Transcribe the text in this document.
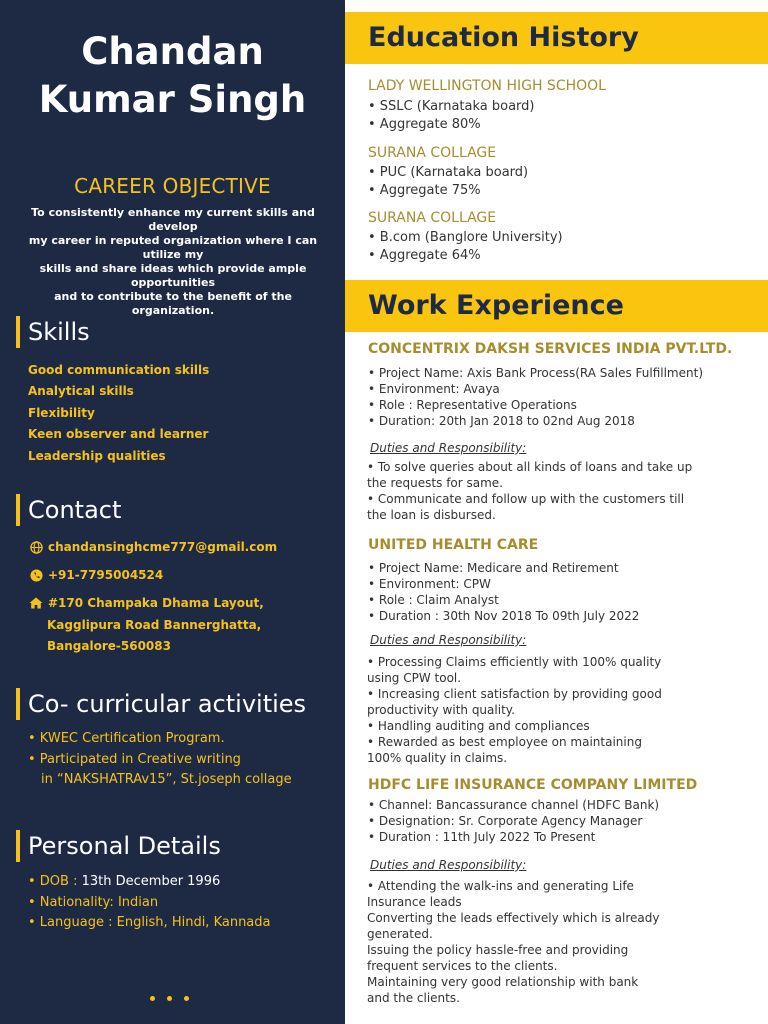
Chandan
Kumar Singh
CAREER OBJECTIVE
To consistently enhance my current skills and develop
my career in reputed organization where I can utilize my
skills and share ideas which provide ample opportunities
and to contribute to the benefit of the organization.
Skills
Good communication skills
Analytical skills
Flexibility
Keen observer and learner
Leadership qualities
Contact
chandansinghcme777@gmail.com
+91-7795004524
#170 Champaka Dhama Layout,
Kagglipura Road Bannerghatta,
Bangalore-560083
Co- curricular activities
• KWEC Certification Program.
• Participated in Creative writing
in “NAKSHATRAv15”, St.joseph collage
Personal Details
• DOB : 13th December 1996
• Nationality: Indian
• Language : English, Hindi, Kannada
Education History
LADY WELLINGTON HIGH SCHOOL
• SSLC (Karnataka board)
• Aggregate 80%
SURANA COLLAGE
• PUC (Karnataka board)
• Aggregate 75%
SURANA COLLAGE
• B.com (Banglore University)
• Aggregate 64%
Work Experience
CONCENTRIX DAKSH SERVICES INDIA PVT.LTD.
• Project Name: Axis Bank Process(RA Sales Fulfillment)
• Environment: Avaya
• Role : Representative Operations
• Duration: 20th Jan 2018 to 02nd Aug 2018
Duties and Responsibility:
• To solve queries about all kinds of loans and take up
the requests for same.
• Communicate and follow up with the customers till
the loan is disbursed.
UNITED HEALTH CARE
• Project Name: Medicare and Retirement
• Environment: CPW
• Role : Claim Analyst
• Duration : 30th Nov 2018 To 09th July 2022
Duties and Responsibility:
• Processing Claims efficiently with 100% quality
using CPW tool.
• Increasing client satisfaction by providing good
productivity with quality.
• Handling auditing and compliances
• Rewarded as best employee on maintaining
100% quality in claims.
HDFC LIFE INSURANCE COMPANY LIMITED
• Channel: Bancassurance channel (HDFC Bank)
• Designation: Sr. Corporate Agency Manager
• Duration : 11th July 2022 To Present
Duties and Responsibility:
• Attending the walk-ins and generating Life
Insurance leads
Converting the leads effectively which is already
generated.
Issuing the policy hassle-free and providing
frequent services to the clients.
Maintaining very good relationship with bank
and the clients.
